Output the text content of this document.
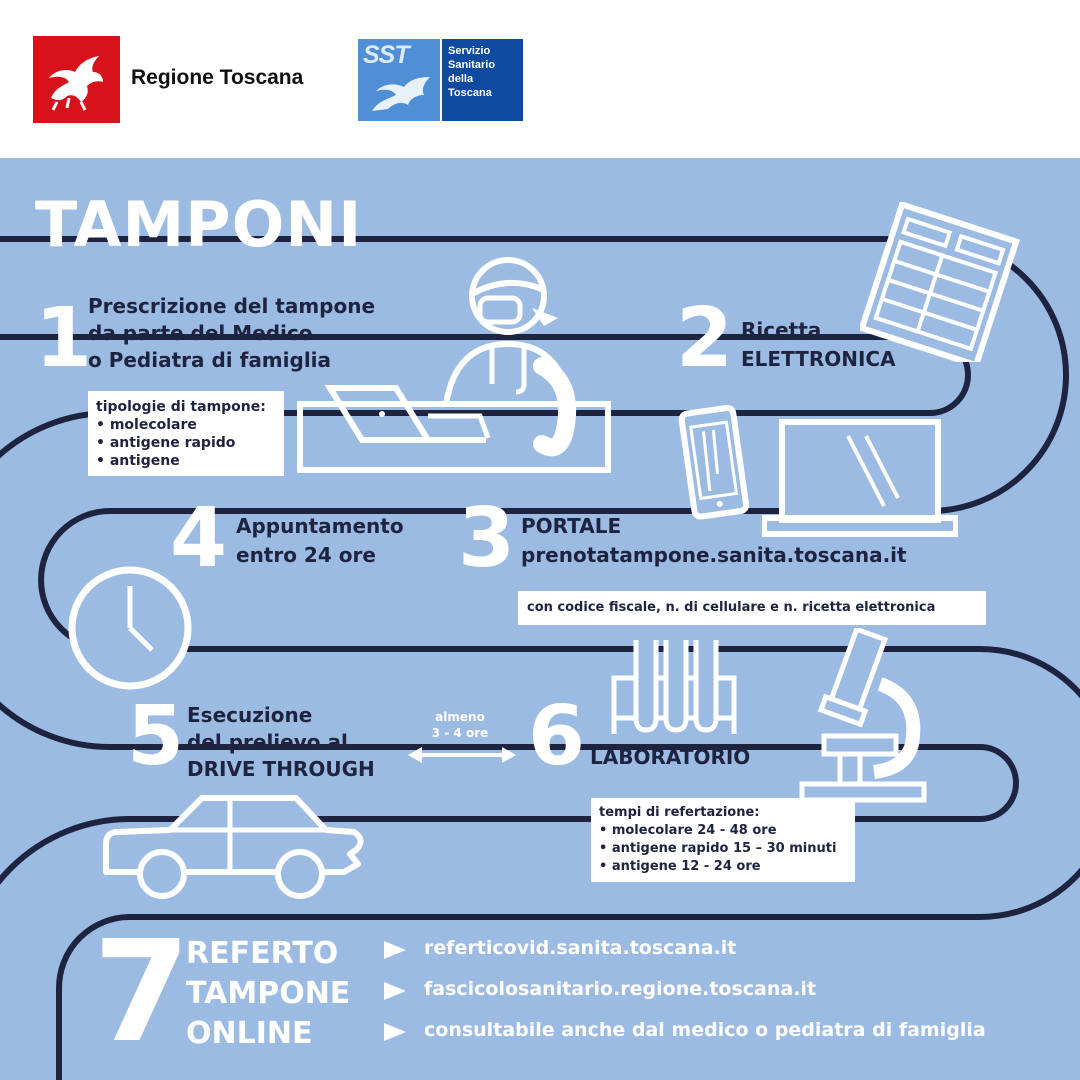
Regione Toscana
SST	Servizio
Sanitario
della
Toscana
TAMPONI
1
Prescrizione del tampone
da parte del Medico
o Pediatra di famiglia
tipologie di tampone:
• molecolare
• antigene rapido
• antigene
2 Ricetta
ELETTRONICA
4 Appuntamento
entro 24 ore	3 PORTALE
prenotatampone.sanita.toscana.it
con codice fiscale, n. di cellulare e n. ricetta elettronica
5 Esecuzione
del prelievo al
DRIVE THROUGH
almeno
3 - 4 ore 6 LABORATORIO
tempi di refertazione:
• molecolare 24 - 48 ore
• antigene rapido 15 – 30 minuti
• antigene 12 - 24 ore
7
REFERTO
TAMPONE
ONLINE
referticovid.sanita.toscana.it
fascicolosanitario.regione.toscana.it
consultabile anche dal medico o pediatra di famiglia
